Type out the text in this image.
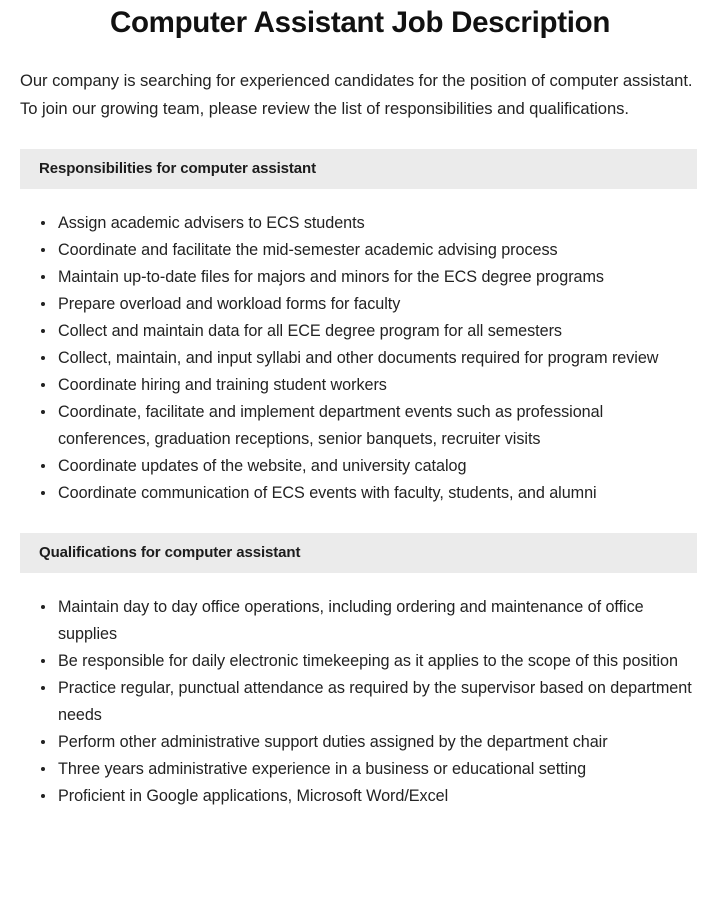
Computer Assistant Job Description

Our company is searching for experienced candidates for the position of computer assistant. To join our growing team, please review the list of responsibilities and qualifications.

Responsibilities for computer assistant
Assign academic advisers to ECS students
Coordinate and facilitate the mid-semester academic advising process
Maintain up-to-date files for majors and minors for the ECS degree programs
Prepare overload and workload forms for faculty
Collect and maintain data for all ECE degree program for all semesters
Collect, maintain, and input syllabi and other documents required for program review
Coordinate hiring and training student workers
Coordinate, facilitate and implement department events such as professional conferences, graduation receptions, senior banquets, recruiter visits
Coordinate updates of the website, and university catalog
Coordinate communication of ECS events with faculty, students, and alumni
Qualifications for computer assistant
Maintain day to day office operations, including ordering and maintenance of office supplies
Be responsible for daily electronic timekeeping as it applies to the scope of this position
Practice regular, punctual attendance as required by the supervisor based on department needs
Perform other administrative support duties assigned by the department chair
Three years administrative experience in a business or educational setting
Proficient in Google applications, Microsoft Word/Excel
